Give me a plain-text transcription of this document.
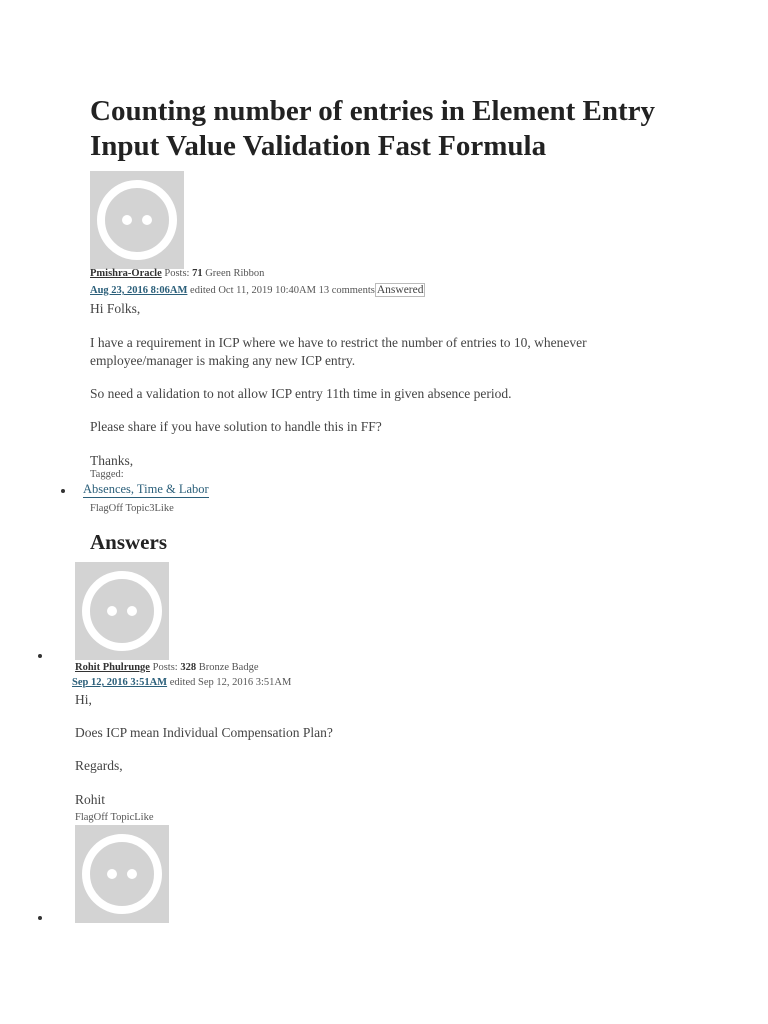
Counting number of entries in Element Entry Input Value Validation Fast Formula
Pmishra-Oracle Posts: 71 Green Ribbon
Aug 23, 2016 8:06AM edited Oct 11, 2019 10:40AM 13 comments Answered
Hi Folks,
I have a requirement in ICP where we have to restrict the number of entries to 10, whenever employee/manager is making any new ICP entry.
So need a validation to not allow ICP entry 11th time in given absence period.
Please share if you have solution to handle this in FF?
Thanks,
Tagged:
Absences, Time & Labor
FlagOff Topic3Like
Answers
Rohit Phulrunge Posts: 328 Bronze Badge
Sep 12, 2016 3:51AM edited Sep 12, 2016 3:51AM
Hi,
Does ICP mean Individual Compensation Plan?
Regards,
Rohit
FlagOff TopicLike
